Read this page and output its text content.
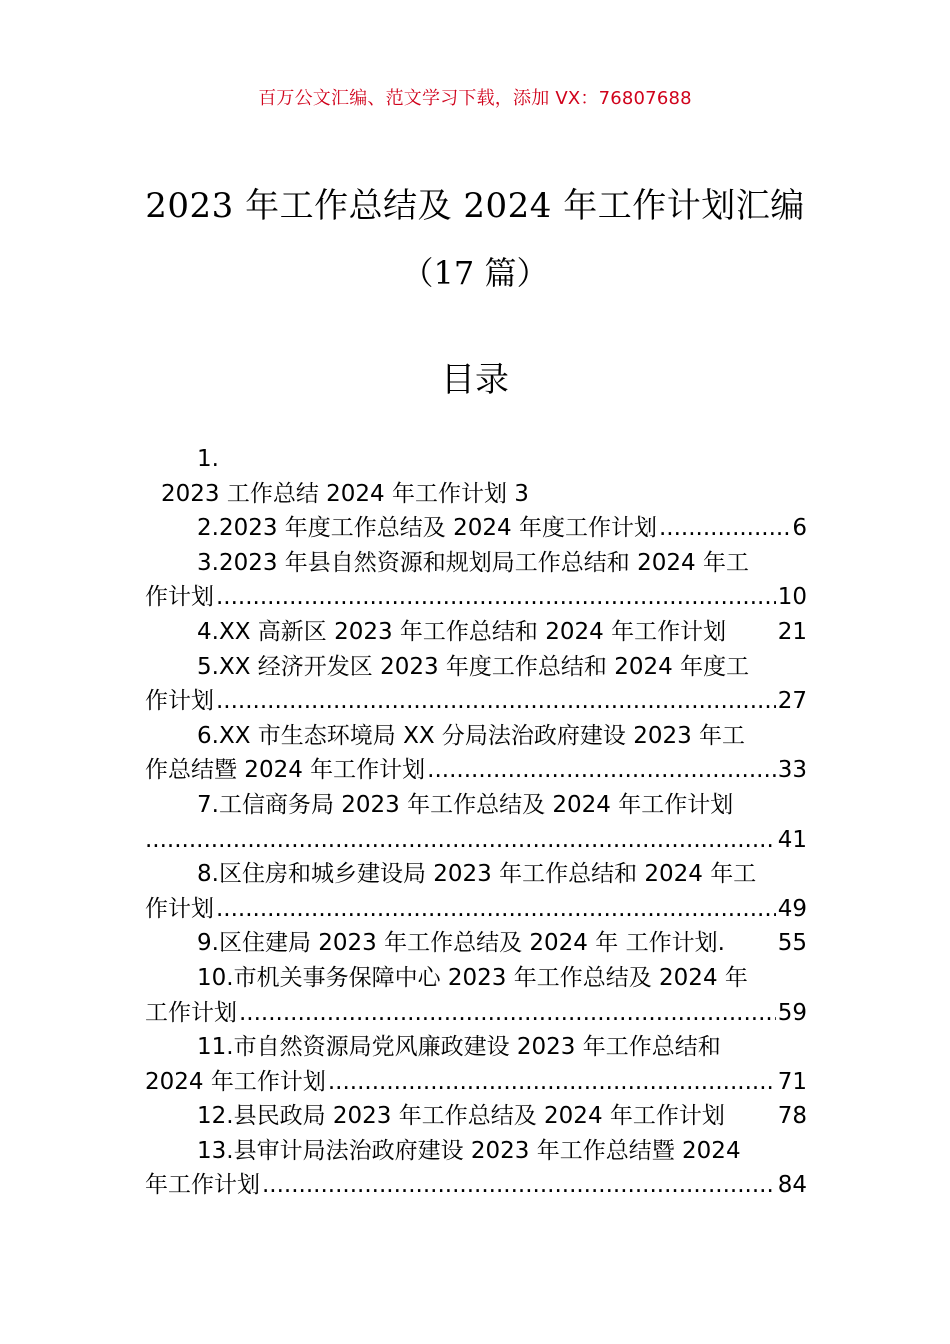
百万公文汇编、范文学习下载，添加 VX：76807688
2023 年工作总结及 2024 年工作计划汇编
（17 篇）
目录
1.
2023 工作总结 2024 年工作计划 3
2.2023 年度工作总结及 2024 年度工作计划 .....	6
3.2023 年县自然资源和规划局工作总结和 2024 年工
作计划 .....	10
4.XX 高新区 2023 年工作总结和 2024 年工作计划 21
5.XX 经济开发区 2023 年度工作总结和 2024 年度工
作计划 .....	27
6.XX 市生态环境局 XX 分局法治政府建设 2023 年工
作总结暨 2024 年工作计划 .....	33
7.工信商务局 2023 年工作总结及 2024 年工作计划
.....
41
8.区住房和城乡建设局 2023 年工作总结和 2024 年工
作计划 .....	49
9.区住建局 2023 年工作总结及 2024 年 工作计划. 55
10.市机关事务保障中心 2023 年工作总结及 2024 年
工作计划 .....	59
11.市自然资源局党风廉政建设 2023 年工作总结和
2024 年工作计划 .....	71
12.县民政局 2023 年工作总结及 2024 年工作计划 78
13.县审计局法治政府建设 2023 年工作总结暨 2024
年工作计划 .....	84
